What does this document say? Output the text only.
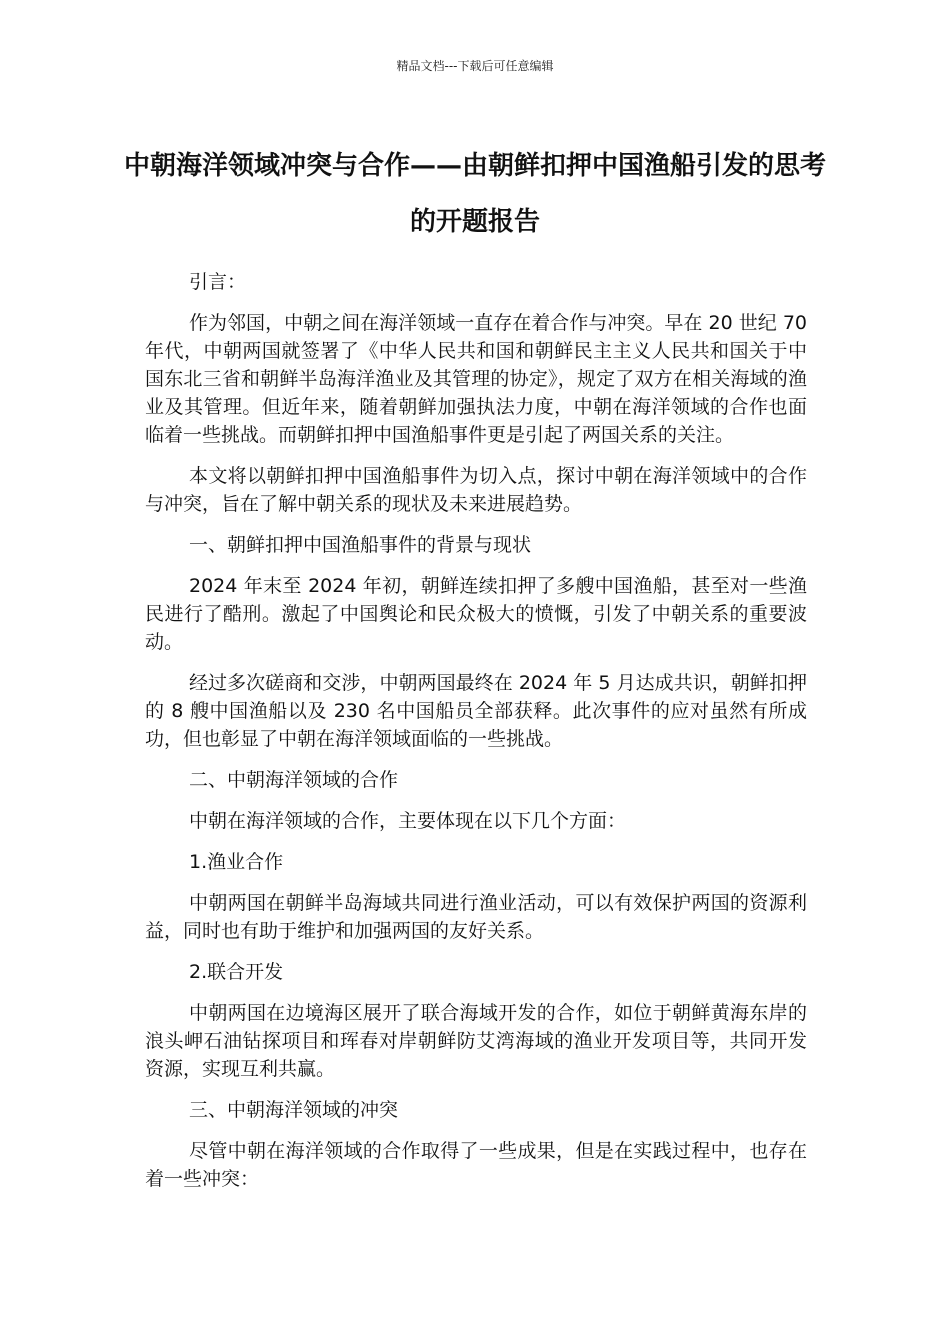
精品文档---下载后可任意编辑
中朝海洋领域冲突与合作——由朝鲜扣押中国渔船引发的思考的开题报告

引言：

作为邻国，中朝之间在海洋领域一直存在着合作与冲突。早在 20 世纪 70 年代，中朝两国就签署了《中华人民共和国和朝鲜民主主义人民共和国关于中国东北三省和朝鲜半岛海洋渔业及其管理的协定》，规定了双方在相关海域的渔业及其管理。但近年来，随着朝鲜加强执法力度，中朝在海洋领域的合作也面临着一些挑战。而朝鲜扣押中国渔船事件更是引起了两国关系的关注。

本文将以朝鲜扣押中国渔船事件为切入点，探讨中朝在海洋领域中的合作与冲突，旨在了解中朝关系的现状及未来进展趋势。

一、朝鲜扣押中国渔船事件的背景与现状

2024 年末至 2024 年初，朝鲜连续扣押了多艘中国渔船，甚至对一些渔民进行了酷刑。激起了中国舆论和民众极大的愤慨，引发了中朝关系的重要波动。

经过多次磋商和交涉，中朝两国最终在 2024 年 5 月达成共识，朝鲜扣押的 8 艘中国渔船以及 230 名中国船员全部获释。此次事件的应对虽然有所成功，但也彰显了中朝在海洋领域面临的一些挑战。

二、中朝海洋领域的合作

中朝在海洋领域的合作，主要体现在以下几个方面：

1.渔业合作

中朝两国在朝鲜半岛海域共同进行渔业活动，可以有效保护两国的资源利益，同时也有助于维护和加强两国的友好关系。

2.联合开发

中朝两国在边境海区展开了联合海域开发的合作，如位于朝鲜黄海东岸的浪头岬石油钻探项目和珲春对岸朝鲜防艾湾海域的渔业开发项目等，共同开发资源，实现互利共赢。

三、中朝海洋领域的冲突

尽管中朝在海洋领域的合作取得了一些成果，但是在实践过程中，也存在着一些冲突：
